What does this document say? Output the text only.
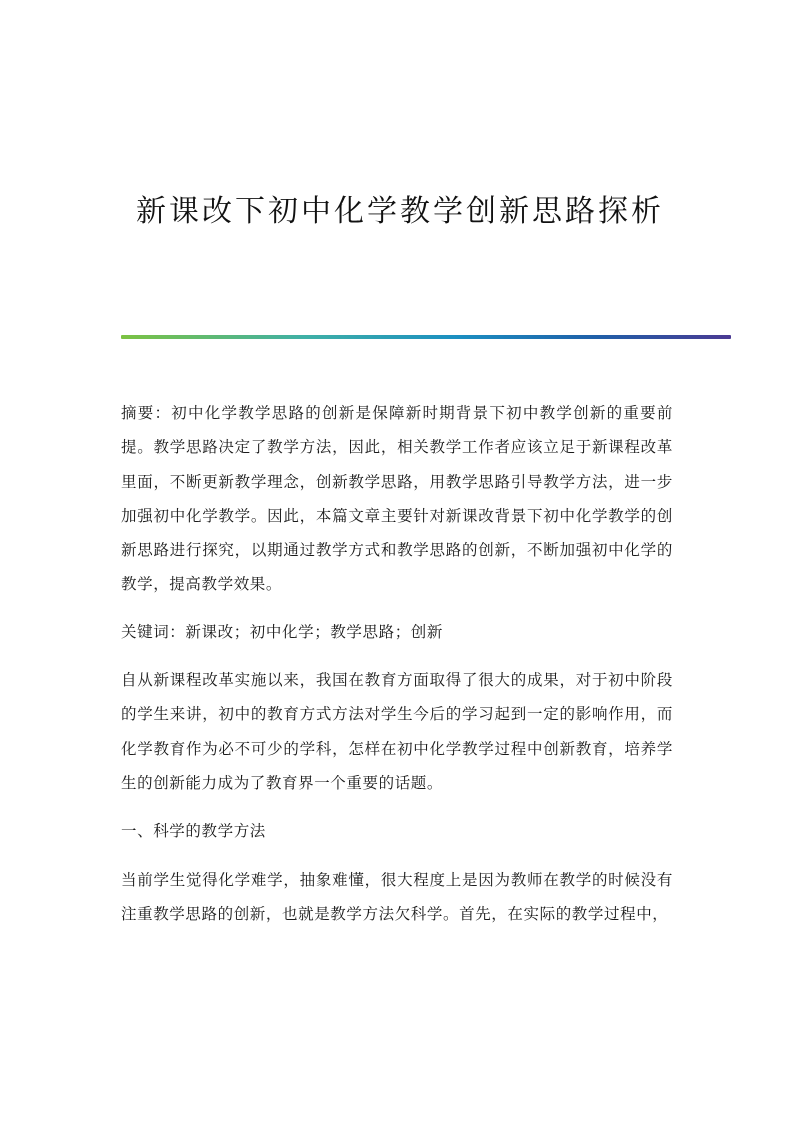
新课改下初中化学教学创新思路探析

摘要：初中化学教学思路的创新是保障新时期背景下初中教学创新的重要前提。教学思路决定了教学方法，因此，相关教学工作者应该立足于新课程改革里面，不断更新教学理念，创新教学思路，用教学思路引导教学方法，进一步加强初中化学教学。因此，本篇文章主要针对新课改背景下初中化学教学的创新思路进行探究，以期通过教学方式和教学思路的创新，不断加强初中化学的教学，提高教学效果。

关键词：新课改；初中化学；教学思路；创新

自从新课程改革实施以来，我国在教育方面取得了很大的成果，对于初中阶段的学生来讲，初中的教育方式方法对学生今后的学习起到一定的影响作用，而化学教育作为必不可少的学科，怎样在初中化学教学过程中创新教育，培养学生的创新能力成为了教育界一个重要的话题。

一、科学的教学方法

当前学生觉得化学难学，抽象难懂，很大程度上是因为教师在教学的时候没有注重教学思路的创新，也就是教学方法欠科学。首先，在实际的教学过程中，
